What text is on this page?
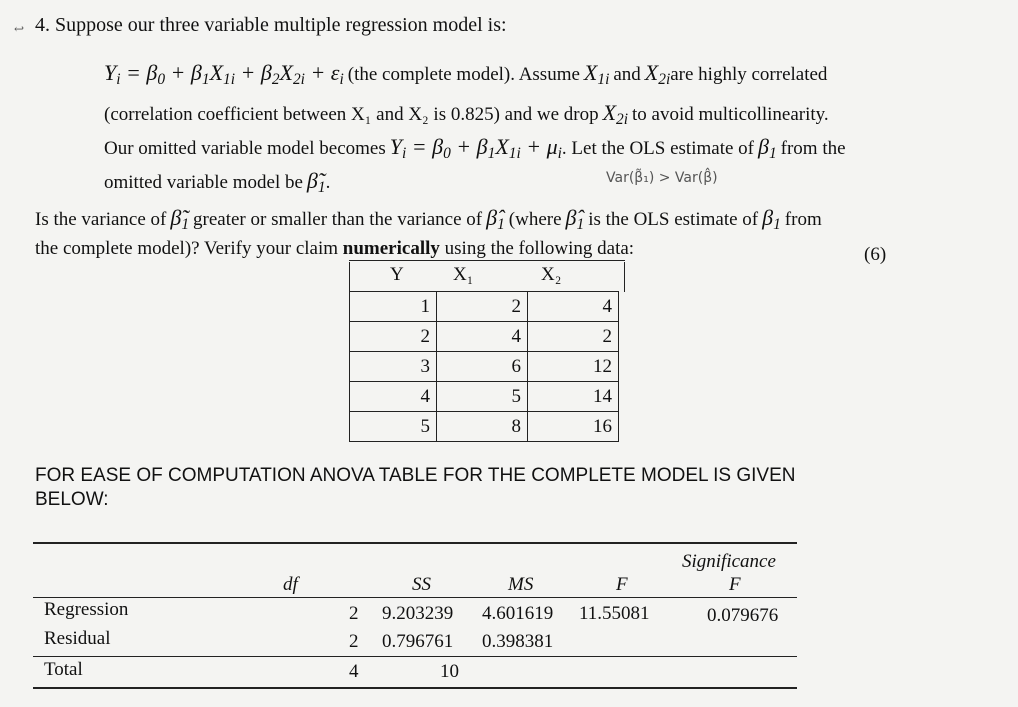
4. Suppose our three variable multiple regression model is:
↩
$Y_i = \beta_0 + \beta_1X_{1i} + \beta_2X_{2i} + \varepsilon_i$ (the complete model). Assume $X_{1i}$ and $X_{2i}are$ highly correlated
(correlation coefficient between X₁ and X₂ is 0.825) and we drop $X_{2i}$ to avoid multicollinearity.
Our omitted variable model becomes $Y_i = \beta_0 + \beta_1X_{1i} + \mu_i$. Let the OLS estimate of $\beta_1$ from the
omitted variable model be $\betã_1$.	Var(β̃₁) > Var(β̂)
Is the variance of $\betã_1$ greater or smaller than the variance of $\betâ_1$ (where $\betâ_1$ is the OLS estimate of $\beta_1$ from
the complete model)? Verify your claim numerically using the following data:	(6)
Y	X₁	X₂
1	2	4
2	4	2
3	6	12
4	5	14
5	8	16
FOR EASE OF COMPUTATION ANOVA TABLE FOR THE COMPLETE MODEL IS GIVEN
BELOW:
Significance
df	SS	MS	F	F
Regression	2 9.203239 4.601619 11.55081	0.079676
Residual	2 0.796761 0.398381
Total	4	10
